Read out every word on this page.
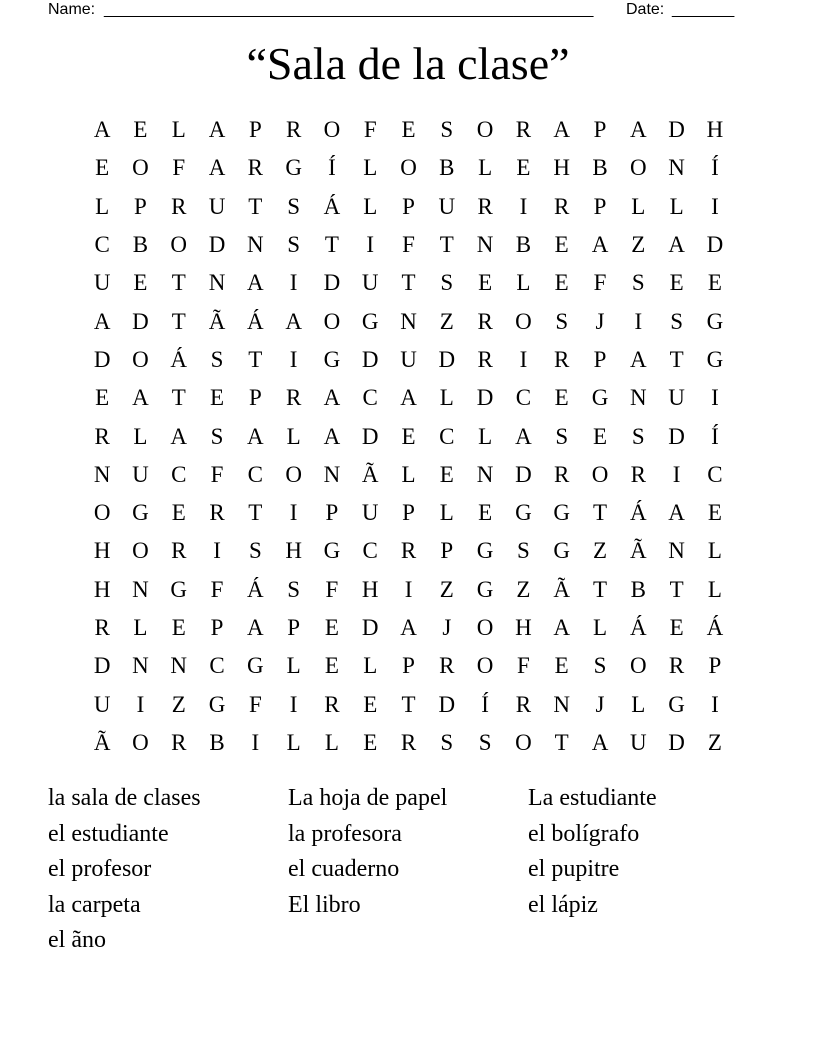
Name: _______________________________________________________ Date: _______
“Sala de la clase”
A E	L A	P	R O	F	E	S	O R A	P	A D H
E O	F	A R G	Í	L O B	L	E H B O N	Í
L	P	R U T	S	Á L	P	U R	I	R	P	L	L	I
C B O D N	S	T	I	F	T N B	E A Z A D
U E	T N A	I	D U T	S	E	L	E	F	S	E	E
A D T Ã Á A O G N Z	R O	S	J	I	S	G
D O Á	S	T	I	G D U D R	I	R	P	A T G
E A T	E	P	R A C A L D C	E G N U	I
R	L A	S	A L A D E	C	L A	S	E	S	D	Í
N U C	F	C O N Ã L	E N D R O R	I	C
O G E	R	T	I	P	U	P	L	E G G T Á A E
H O R	I	S	H G C R	P	G	S	G Z Ã N L
H N G	F	Á	S	F	H	I	Z G Z Ã T	B	T	L
R	L	E	P	A	P	E D A	J	O H A L Á E Á
D N N C G L	E	L	P	R O	F	E	S	O R	P
U	I	Z G	F	I	R	E	T D	Í	R N	J	L G	I
Ã O R B	I	L	L	E	R	S	S	O T A U D Z
la sala de clases	La hoja de papel	La estudiante
el estudiante	la profesora	el bolígrafo
el profesor	el cuaderno	el pupitre
la carpeta	El libro	el lápiz
el ãno
